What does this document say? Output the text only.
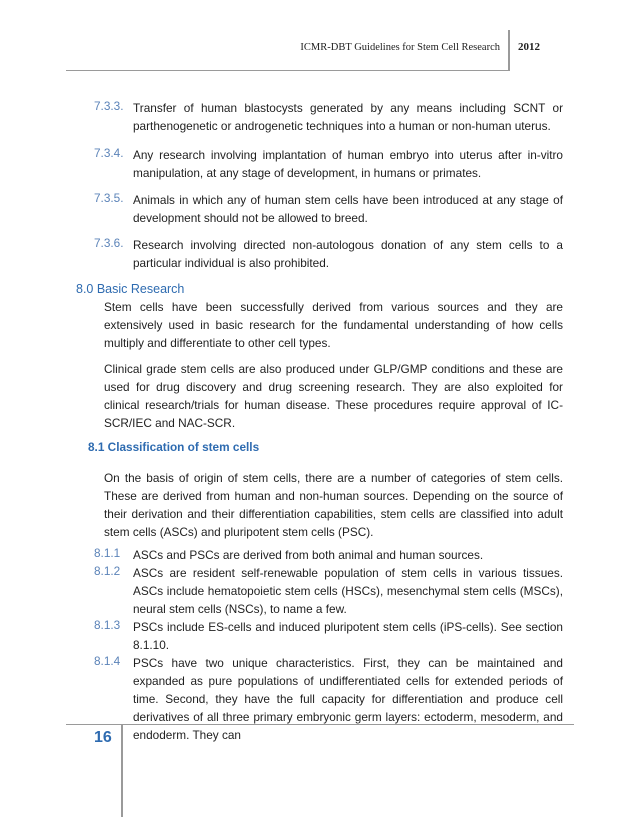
ICMR-DBT Guidelines for Stem Cell Research 2012
7.3.3. Transfer of human blastocysts generated by any means including SCNT or parthenogenetic or androgenetic techniques into a human or non-human uterus.
7.3.4. Any research involving implantation of human embryo into uterus after in-vitro manipulation, at any stage of development, in humans or primates.
7.3.5. Animals in which any of human stem cells have been introduced at any stage of development should not be allowed to breed.
7.3.6. Research involving directed non-autologous donation of any stem cells to a particular individual is also prohibited.
8.0 Basic Research
Stem cells have been successfully derived from various sources and they are extensively used in basic research for the fundamental understanding of how cells multiply and differentiate to other cell types.
Clinical grade stem cells are also produced under GLP/GMP conditions and these are used for drug discovery and drug screening research. They are also exploited for clinical research/trials for human disease. These procedures require approval of IC-SCR/IEC and NAC-SCR.
8.1 Classification of stem cells
On the basis of origin of stem cells, there are a number of categories of stem cells. These are derived from human and non-human sources. Depending on the source of their derivation and their differentiation capabilities, stem cells are classified into adult stem cells (ASCs) and pluripotent stem cells (PSC).
8.1.1 ASCs and PSCs are derived from both animal and human sources.
8.1.2 ASCs are resident self-renewable population of stem cells in various tissues. ASCs include hematopoietic stem cells (HSCs), mesenchymal stem cells (MSCs), neural stem cells (NSCs), to name a few.
8.1.3 PSCs include ES-cells and induced pluripotent stem cells (iPS-cells). See section 8.1.10.
8.1.4 PSCs have two unique characteristics. First, they can be maintained and expanded as pure populations of undifferentiated cells for extended periods of time. Second, they have the full capacity for differentiation and produce cell derivatives of all three primary embryonic germ layers: ectoderm, mesoderm, and endoderm. They can
16
